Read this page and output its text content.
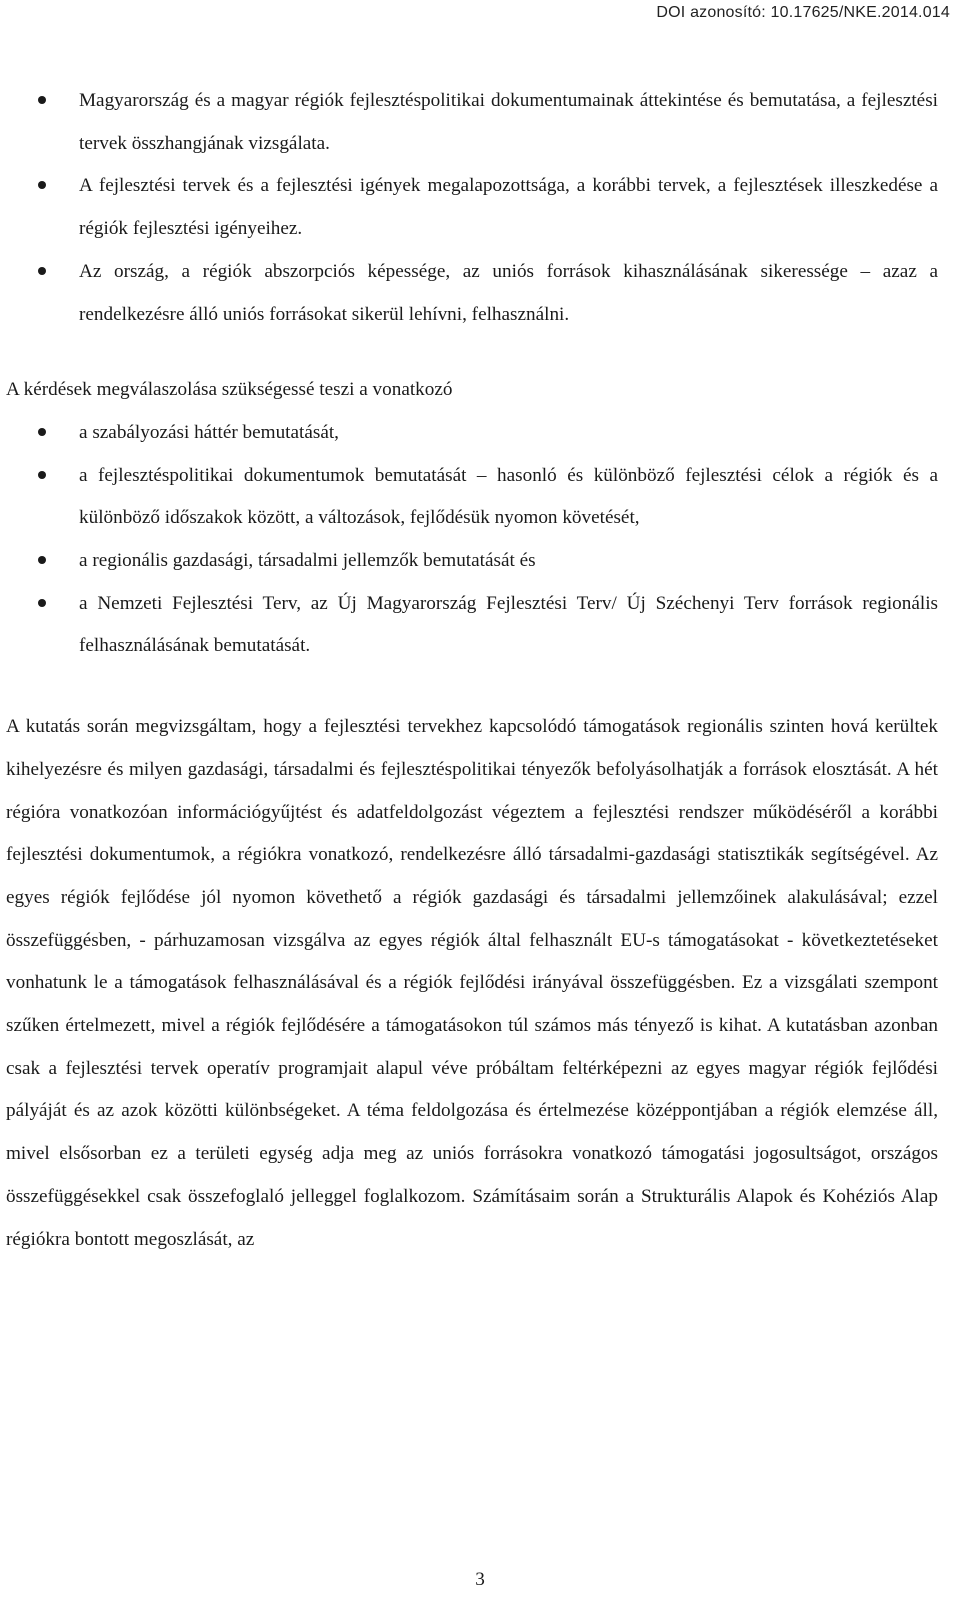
DOI azonosító: 10.17625/NKE.2014.014
Magyarország és a magyar régiók fejlesztéspolitikai dokumentumainak áttekintése és bemutatása, a fejlesztési tervek összhangjának vizsgálata.
A fejlesztési tervek és a fejlesztési igények megalapozottsága, a korábbi tervek, a fejlesztések illeszkedése a régiók fejlesztési igényeihez.
Az ország, a régiók abszorpciós képessége, az uniós források kihasználásának sikeressége – azaz a rendelkezésre álló uniós forrásokat sikerül lehívni, felhasználni.

A kérdések megválaszolása szükségessé teszi a vonatkozó

a szabályozási háttér bemutatását,
a fejlesztéspolitikai dokumentumok bemutatását – hasonló és különböző fejlesztési célok a régiók és a különböző időszakok között, a változások, fejlődésük nyomon követését,
a regionális gazdasági, társadalmi jellemzők bemutatását és
a Nemzeti Fejlesztési Terv, az Új Magyarország Fejlesztési Terv/ Új Széchenyi Terv források regionális felhasználásának bemutatását.

A kutatás során megvizsgáltam, hogy a fejlesztési tervekhez kapcsolódó támogatások regionális szinten hová kerültek kihelyezésre és milyen gazdasági, társadalmi és fejlesztéspolitikai tényezők befolyásolhatják a források elosztását. A hét régióra vonatkozóan információgyűjtést és adatfeldolgozást végeztem a fejlesztési rendszer működéséről a korábbi fejlesztési dokumentumok, a régiókra vonatkozó, rendelkezésre álló társadalmi-gazdasági statisztikák segítségével. Az egyes régiók fejlődése jól nyomon követhető a régiók gazdasági és társadalmi jellemzőinek alakulásával; ezzel összefüggésben, - párhuzamosan vizsgálva az egyes régiók által felhasznált EU-s támogatásokat - következtetéseket vonhatunk le a támogatások felhasználásával és a régiók fejlődési irányával összefüggésben. Ez a vizsgálati szempont szűken értelmezett, mivel a régiók fejlődésére a támogatásokon túl számos más tényező is kihat. A kutatásban azonban csak a fejlesztési tervek operatív programjait alapul véve próbáltam feltérképezni az egyes magyar régiók fejlődési pályáját és az azok közötti különbségeket. A téma feldolgozása és értelmezése középpontjában a régiók elemzése áll, mivel elsősorban ez a területi egység adja meg az uniós forrásokra vonatkozó támogatási jogosultságot, országos összefüggésekkel csak összefoglaló jelleggel foglalkozom. Számításaim során a Strukturális Alapok és Kohéziós Alap régiókra bontott megoszlását, az

3
